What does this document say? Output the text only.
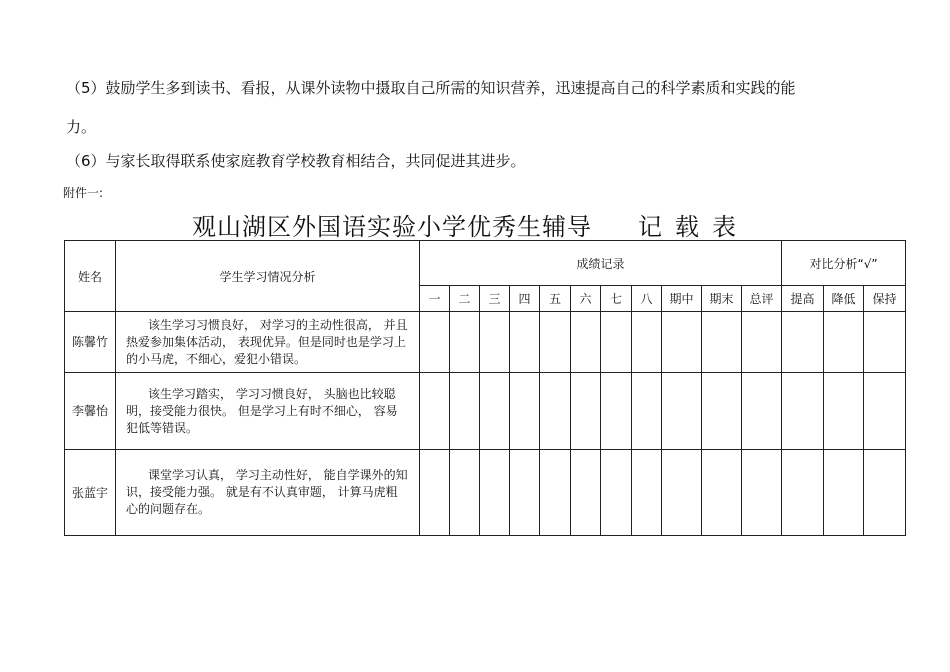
（5）鼓励学生多到读书、看报，从课外读物中摄取自己所需的知识营养，迅速提高自己的科学素质和实践的能
力。
（6）与家长取得联系使家庭教育学校教育相结合，共同促进其进步。
附件一:
观山湖区外国语实验小学优秀生辅导 记 载 表
姓名	学生学习情况分析	成绩记录											对比分析“√”		
		一	二	三	四	五	六	七	八	期中	期末	总评	提高	降低	保持
陈馨竹	该生学习习惯良好， 对学习的主动性很高， 并且热爱参加集体活动， 表现优异。但是同时也是学习上的小马虎，不细心，爱犯小错误。														

李馨怡	该生学习踏实， 学习习惯良好， 头脑也比较聪明，接受能力很快。 但是学习上有时不细心， 容易犯低等错误。														

张蓝宇	课堂学习认真， 学习主动性好， 能自学课外的知识，接受能力强。 就是有不认真审题， 计算马虎粗心的问题存在。														
